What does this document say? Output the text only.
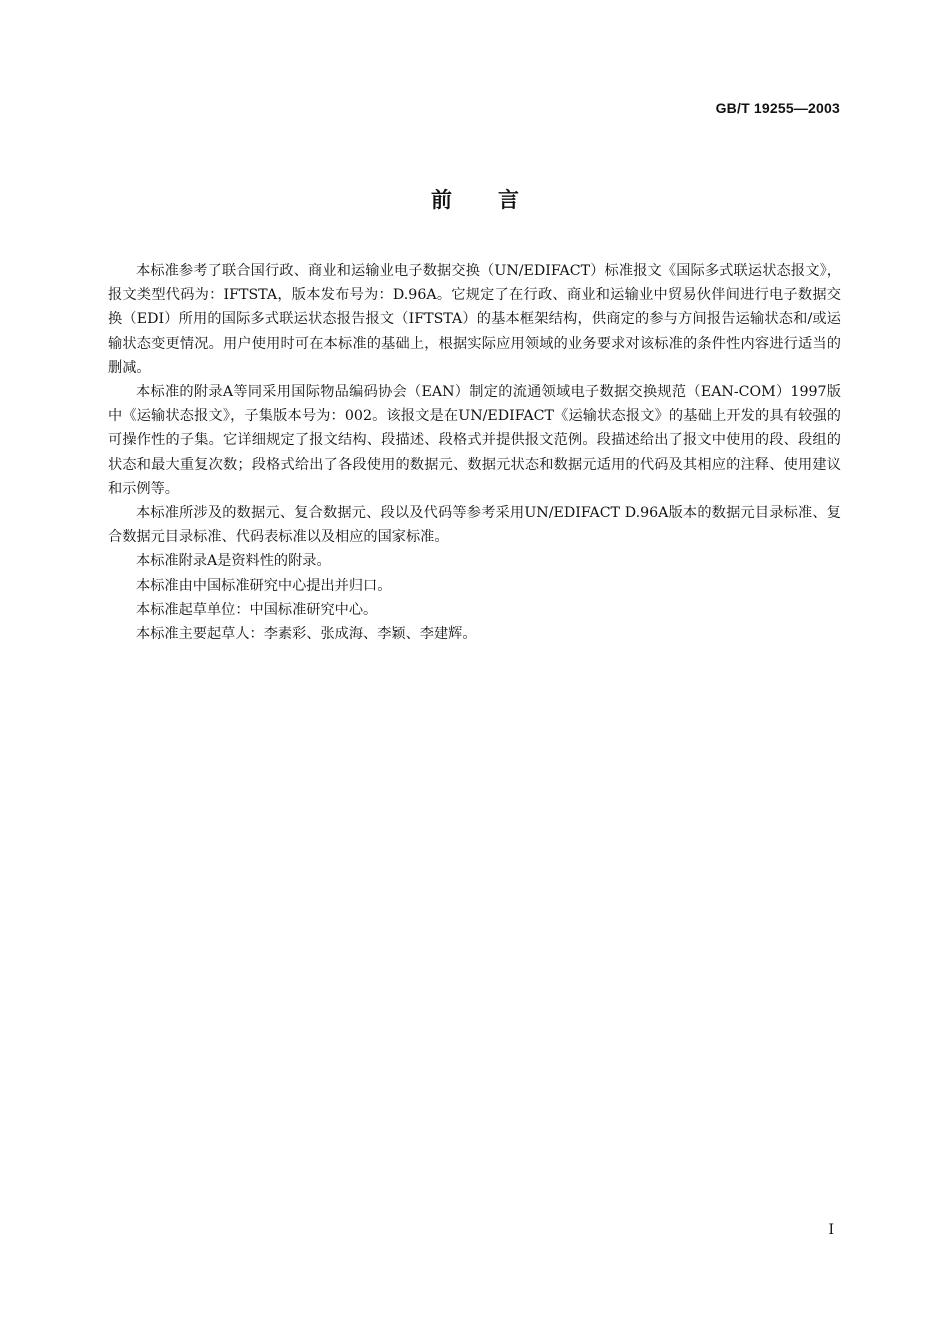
GB/T 19255—2003
前言

本标准参考了联合国行政、商业和运输业电子数据交换（UN/EDIFACT）标准报文《国际多式联运状态报文》，报文类型代码为：IFTSTA，版本发布号为：D.96A。它规定了在行政、商业和运输业中贸易伙伴间进行电子数据交换（EDI）所用的国际多式联运状态报告报文（IFTSTA）的基本框架结构，供商定的参与方间报告运输状态和/或运输状态变更情况。用户使用时可在本标准的基础上，根据实际应用领域的业务要求对该标准的条件性内容进行适当的删减。

本标准的附录A等同采用国际物品编码协会（EAN）制定的流通领域电子数据交换规范（EAN-COM）1997版中《运输状态报文》，子集版本号为：002。该报文是在UN/EDIFACT《运输状态报文》的基础上开发的具有较强的可操作性的子集。它详细规定了报文结构、段描述、段格式并提供报文范例。段描述给出了报文中使用的段、段组的状态和最大重复次数；段格式给出了各段使用的数据元、数据元状态和数据元适用的代码及其相应的注释、使用建议和示例等。

本标准所涉及的数据元、复合数据元、段以及代码等参考采用UN/EDIFACT D.96A版本的数据元目录标准、复合数据元目录标准、代码表标准以及相应的国家标准。

本标准附录A是资料性的附录。

本标准由中国标准研究中心提出并归口。

本标准起草单位：中国标准研究中心。

本标准主要起草人：李素彩、张成海、李颖、李建辉。

I
